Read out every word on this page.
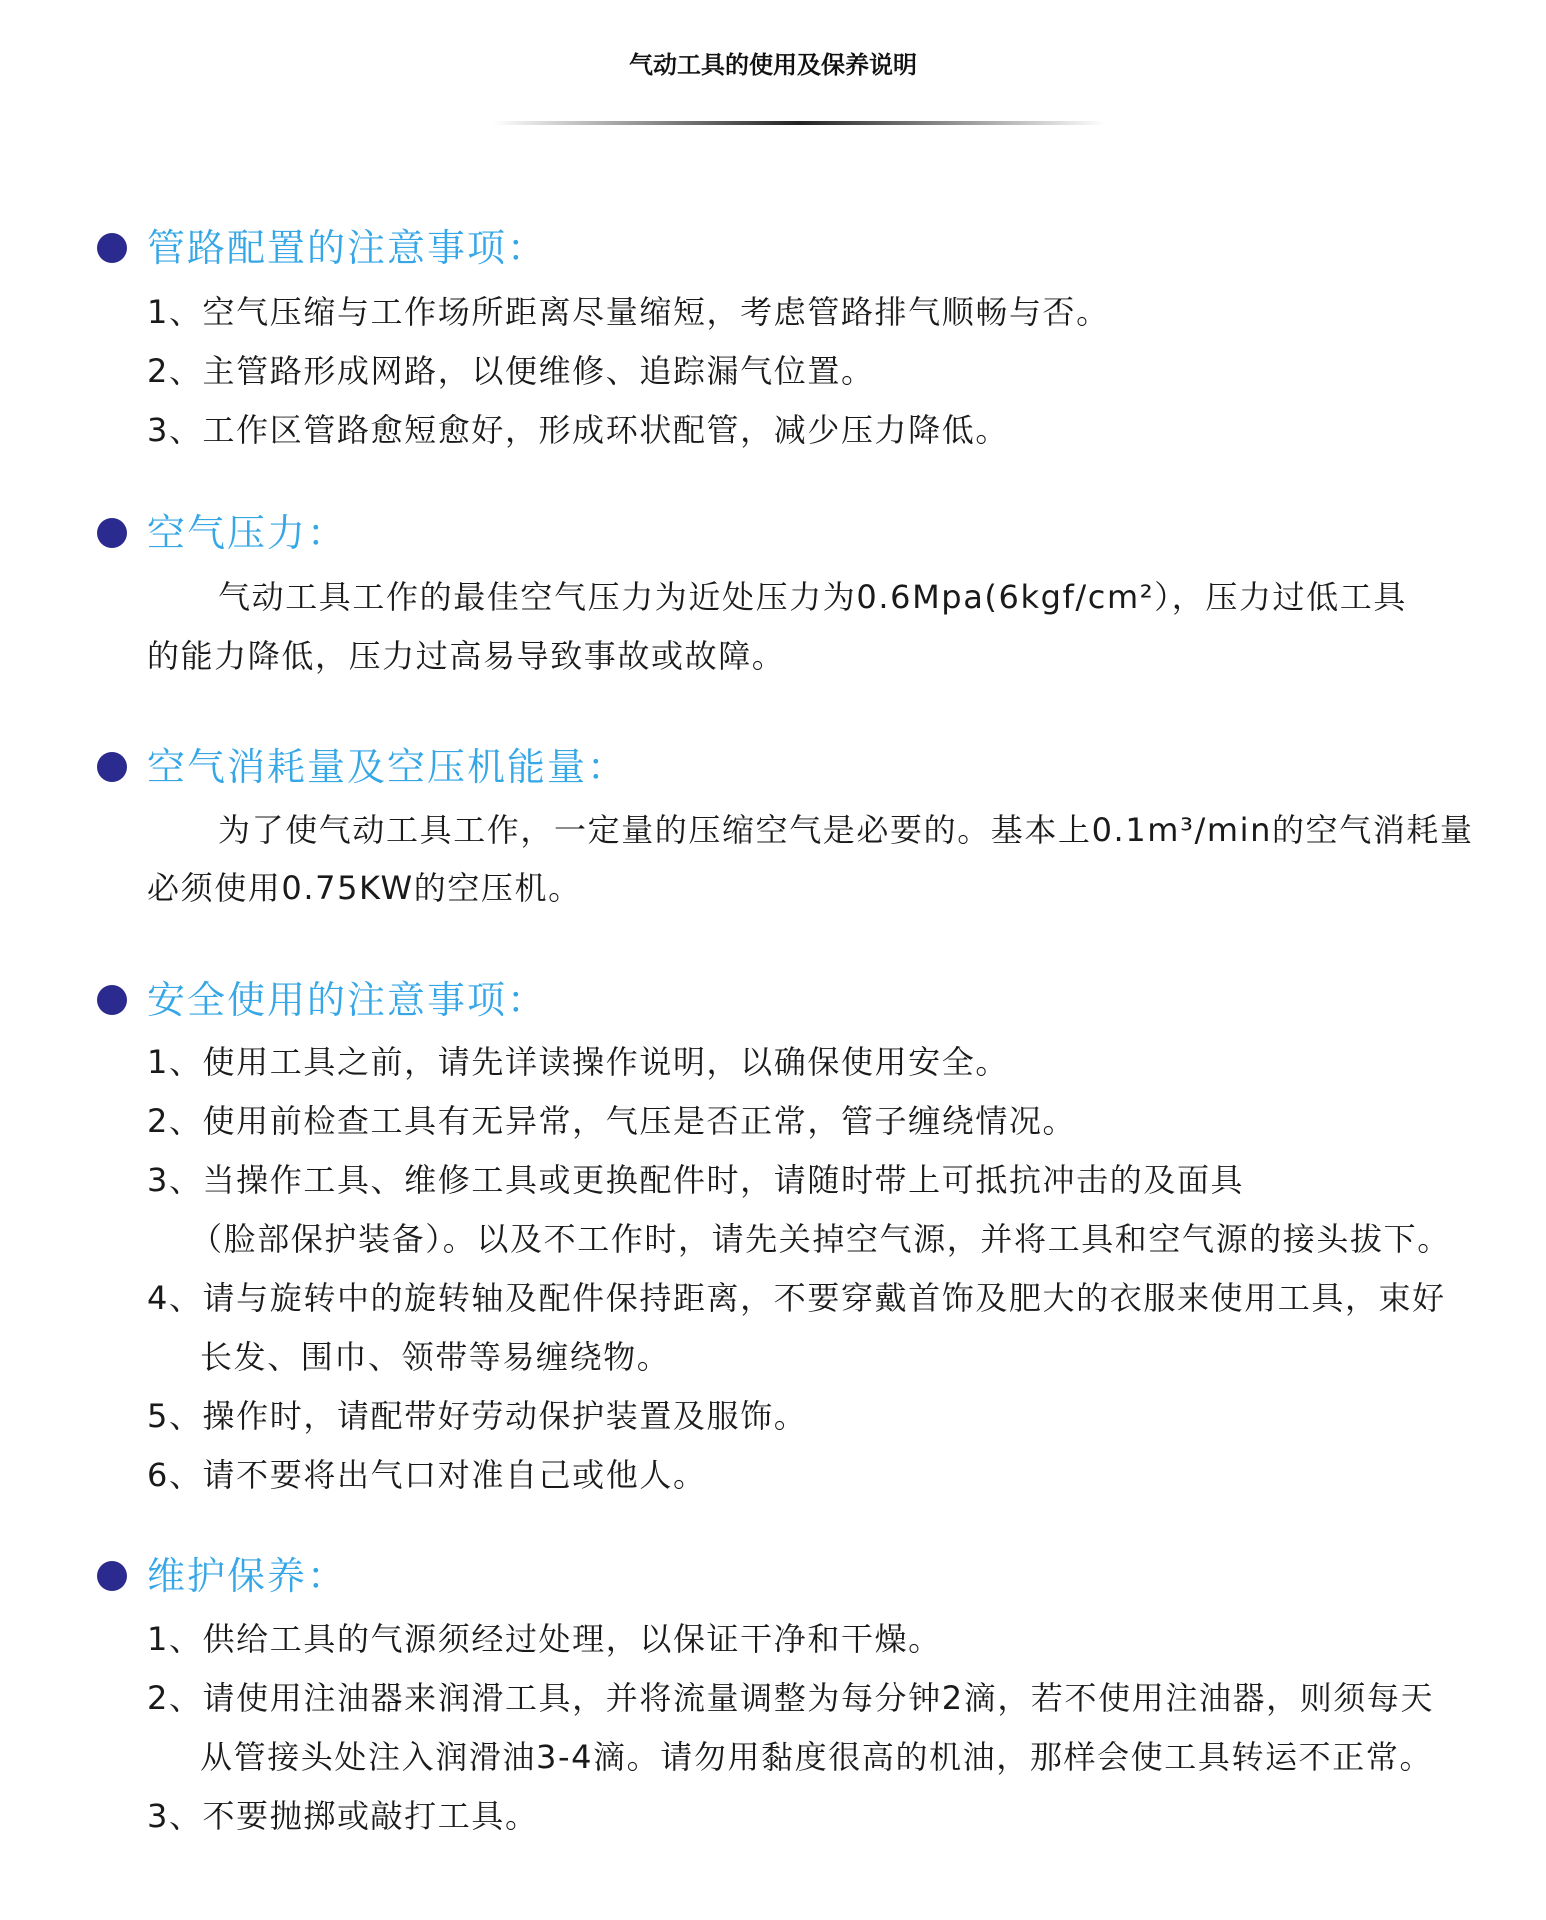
气动工具的使用及保养说明
管路配置的注意事项：
1、空气压缩与工作场所距离尽量缩短，考虑管路排气顺畅与否。
2、主管路形成网路，以便维修、追踪漏气位置。
3、工作区管路愈短愈好，形成环状配管，减少压力降低。
空气压力：
气动工具工作的最佳空气压力为近处压力为0.6Mpa(6kgf/cm²），压力过低工具
的能力降低，压力过高易导致事故或故障。
空气消耗量及空压机能量：
为了使气动工具工作，一定量的压缩空气是必要的。基本上0.1m³/min的空气消耗量
必须使用0.75KW的空压机。
安全使用的注意事项：
1、使用工具之前，请先详读操作说明，以确保使用安全。
2、使用前检查工具有无异常，气压是否正常，管子缠绕情况。
3、当操作工具、维修工具或更换配件时，请随时带上可抵抗冲击的及面具
（脸部保护装备）。以及不工作时，请先关掉空气源，并将工具和空气源的接头拔下。
4、请与旋转中的旋转轴及配件保持距离，不要穿戴首饰及肥大的衣服来使用工具，束好
长发、围巾、领带等易缠绕物。
5、操作时，请配带好劳动保护装置及服饰。
6、请不要将出气口对准自己或他人。
维护保养：
1、供给工具的气源须经过处理，以保证干净和干燥。
2、请使用注油器来润滑工具，并将流量调整为每分钟2滴，若不使用注油器，则须每天
从管接头处注入润滑油3-4滴。请勿用黏度很高的机油，那样会使工具转运不正常。
3、不要抛掷或敲打工具。
